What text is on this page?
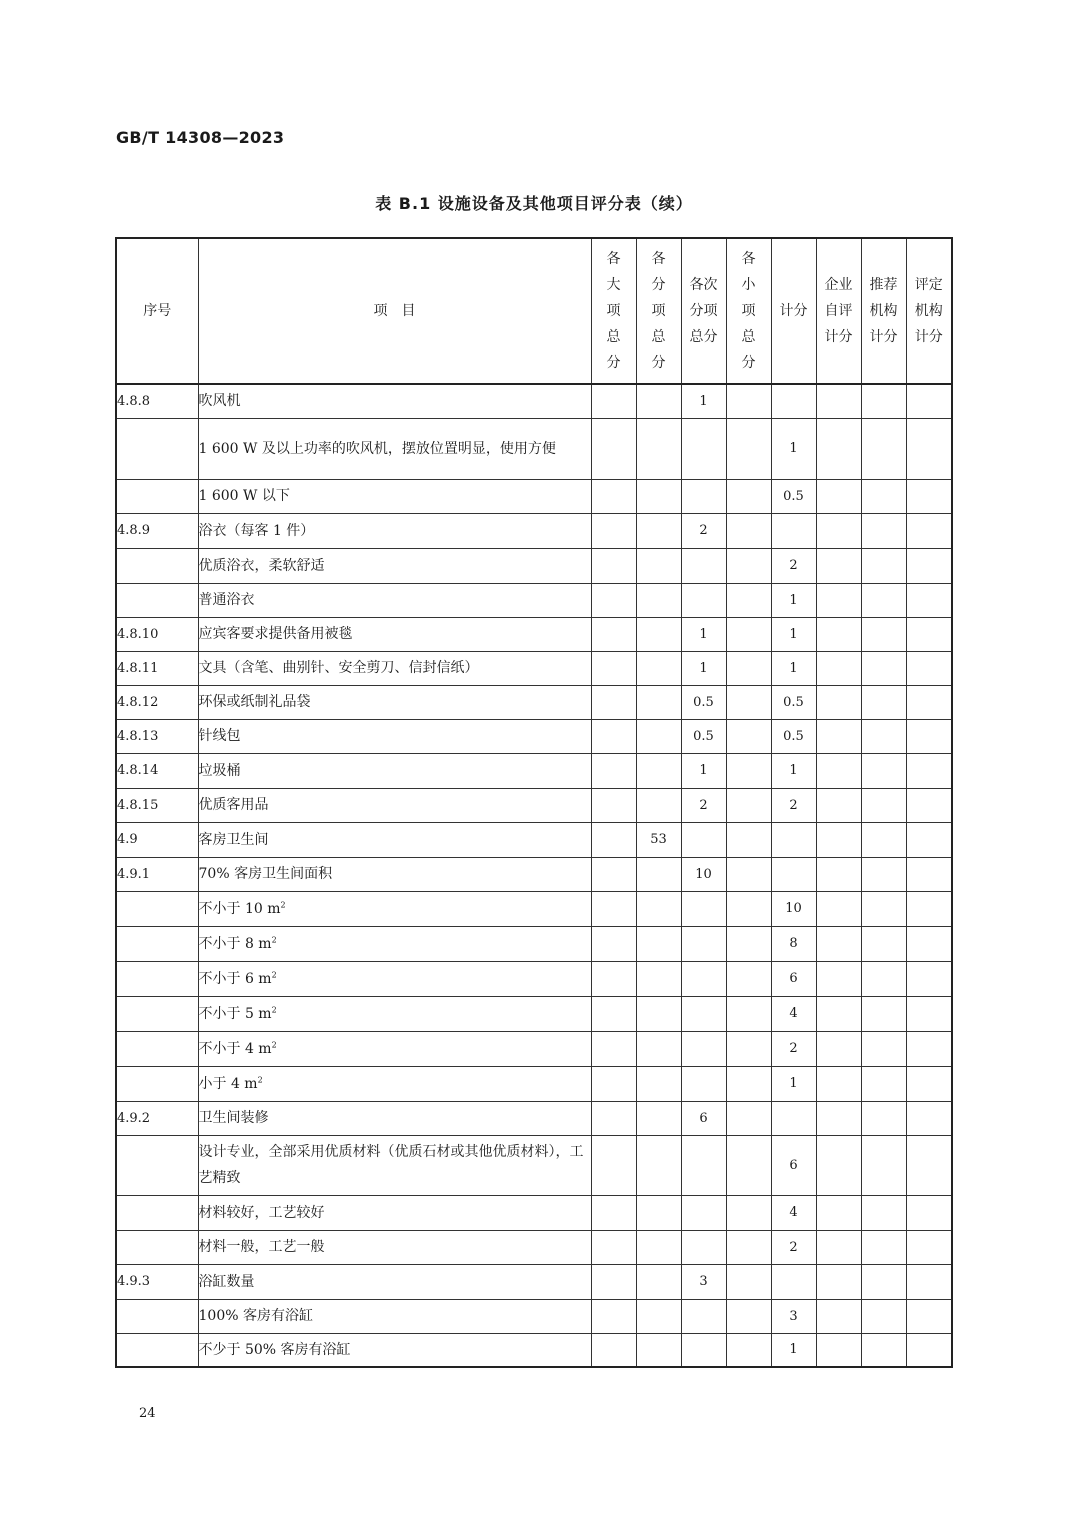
GB/T 14308—2023
表 B.1 设施设备及其他项目评分表（续）
序号	项　目	各
大
项
总
分	各
分
项
总
分	各次
分项
总分	各
小
项
总
分	计分	企业
自评
计分	推荐
机构
计分	评定
机构
计分
4.8.8	吹风机			1					
	1 600 W 及以上功率的吹风机，摆放位置明显，使用方便					1			
	1 600 W 以下					0.5			
4.8.9	浴衣（每客 1 件）			2					
	优质浴衣，柔软舒适					2			
	普通浴衣					1			
4.8.10	应宾客要求提供备用被毯			1		1			
4.8.11	文具（含笔、曲别针、安全剪刀、信封信纸）			1		1			
4.8.12	环保或纸制礼品袋			0.5		0.5			
4.8.13	针线包			0.5		0.5			
4.8.14	垃圾桶			1		1			
4.8.15	优质客用品			2		2			
4.9	客房卫生间		53						
4.9.1	70% 客房卫生间面积			10					
	不小于 10 $m^2$					10			
	不小于 8 $m^2$					8			
	不小于 6 $m^2$					6			
	不小于 5 $m^2$					4			
	不小于 4 $m^2$					2			
	小于 4 $m^2$					1			
4.9.2	卫生间装修			6					
	设计专业，全部采用优质材料（优质石材或其他优质材料），工艺精致					6			
	材料较好，工艺较好					4			
	材料一般，工艺一般					2			
4.9.3	浴缸数量			3					
	100% 客房有浴缸					3			
	不少于 50% 客房有浴缸					1			
24
